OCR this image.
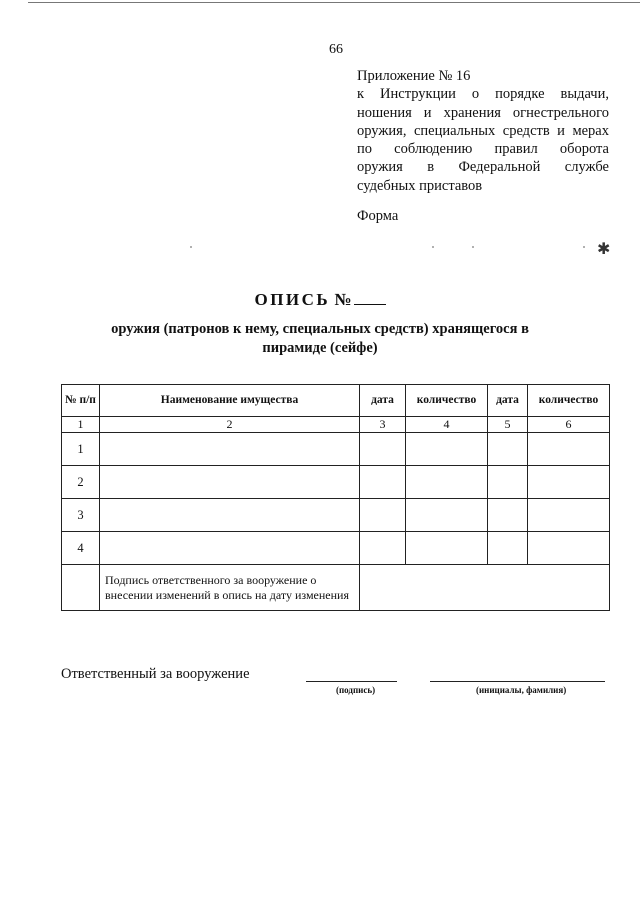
66
Приложение № 16
к Инструкции о порядке выдачи,
ношения и хранения огнестрельного
оружия, специальных средств и мерах
по соблюдению правил оборота
оружия в Федеральной службе
судебных приставов
Форма
✱
ОПИСЬ №
оружия (патронов к нему, специальных средств) хранящегося в пирамиде (сейфе)
№ п/п	Наименование имущества	дата	количество	дата	количество
1	2	3	4	5	6
1					
2					
3					
4					
	Подпись ответственного за вооружение о внесении изменений в опись на дату изменения				
Ответственный за вооружение
(подпись)	(инициалы, фамилия)
